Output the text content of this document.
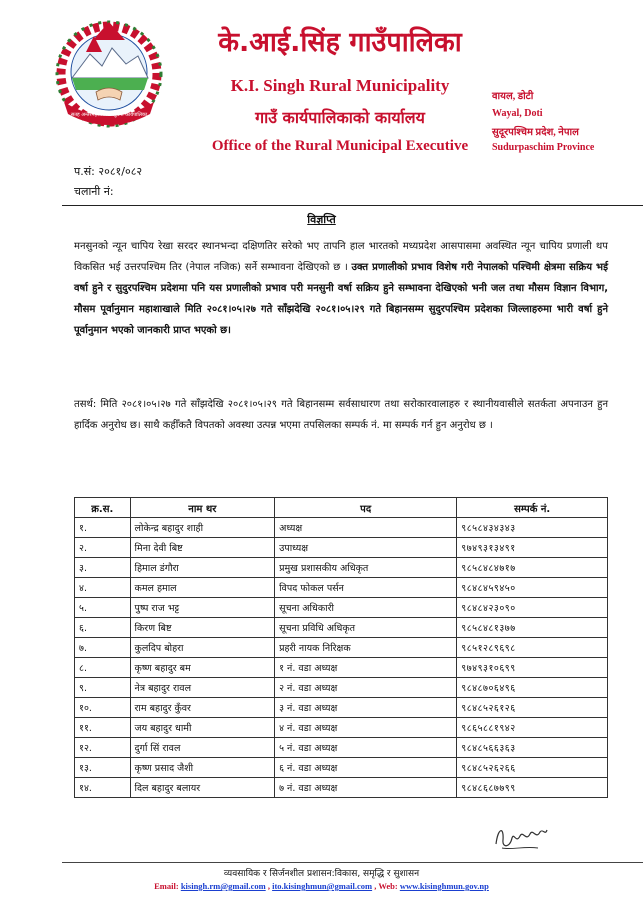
सतह अन्तरमहलीका कानुनमा कार्यपालिका
के.आई.सिंह गाउँपालिका
K.I. Singh Rural Municipality
गाउँ कार्यपालिकाको कार्यालय
Office of the Rural Municipal Executive
वायल, डोटी
Wayal, Doti
सुदूरपश्चिम प्रदेश, नेपाल
Sudurpaschim Province
प.सं: २०८१/०८२
चलानी नं:
विज्ञप्ति

मनसुनको न्यून चापिय रेखा सरदर स्थानभन्दा दक्षिणतिर सरेको भए तापनि हाल भारतको मध्यप्रदेश आसपासमा अवस्थित न्यून चापिय प्रणाली थप विकसित भई उत्तरपश्चिम तिर (नेपाल नजिक) सर्ने सम्भावना देखिएको छ । उक्त प्रणालीको प्रभाव विशेष गरी नेपालको पश्चिमी क्षेत्रमा सक्रिय भई वर्षा हुने र सुदुरपश्चिम प्रदेशमा पनि यस प्रणालीको प्रभाव परी मनसुनी वर्षा सक्रिय हुने सम्भावना देखिएको भनी जल तथा मौसम विज्ञान विभाग, मौसम पूर्वानुमान महाशाखाले मिति २०८१।०५।२७ गते साँझदेखि २०८१।०५।२९ गते बिहानसम्म सुदुरपश्चिम प्रदेशका जिल्लाहरुमा भारी वर्षा हुने पूर्वानुमान भएको जानकारी प्राप्त भएको छ।

तसर्थ: मिति २०८१।०५।२७ गते साँझदेखि २०८१।०५।२९ गते बिहानसम्म सर्वसाधारण तथा सरोकारवालाहरु र स्थानीयवासीले सतर्कता अपनाउन हुन हार्दिक अनुरोध छ। साथै कहीँकतै विपतको अवस्था उत्पन्न भएमा तपसिलका सम्पर्क नं. मा सम्पर्क गर्न हुन अनुरोध छ ।

क्र.स.	नाम थर	पद	सम्पर्क नं.
१.	लोकेन्द्र बहादुर शाही	अध्यक्ष	९८५८४३४३४३
२.	मिना देवी बिष्ट	उपाध्यक्ष	९७४९३१३४९१
३.	हिमाल डंगौरा	प्रमुख प्रशासकीय अधिकृत	९८५८४८४७१७
४.	कमल हमाल	विपद फोकल पर्सन	९८४८४५९४५०
५.	पुष्प राज भट्ट	सूचना अधिकारी	९८४८४२३०९०
६.	किरण बिष्ट	सूचना प्रविधि अधिकृत	९८५८४८१३७७
७.	कुलदिप बोहरा	प्रहरी नायक निरिक्षक	९८५१२८९६९८
८.	कृष्ण बहादुर बम	१ नं. वडा अध्यक्ष	९७४९३१०६९९
९.	नेत्र बहादुर रावल	२ नं. वडा अध्यक्ष	९८४८७०६४९६
१०.	राम बहादुर कुँवर	३ नं. वडा अध्यक्ष	९८४८५२६१२६
११.	जय बहादुर धामी	४ नं. वडा अध्यक्ष	९८६५८८१९४२
१२.	दुर्गा सिं रावल	५ नं. वडा अध्यक्ष	९८४८५६६३६३
१३.	कृष्ण प्रसाद जैशी	६ नं. वडा अध्यक्ष	९८४८५२६२६६
१४.	दिल बहादुर बलायर	७ नं. वडा अध्यक्ष	९८४८६८७७९९
व्यवसायिक र सिर्जनशील प्रशासन:विकास, समृद्धि र सुशासन
Email: kisingh.rm@gmail.com , ito.kisinghmun@gmail.com , Web: www.kisinghmun.gov.np
